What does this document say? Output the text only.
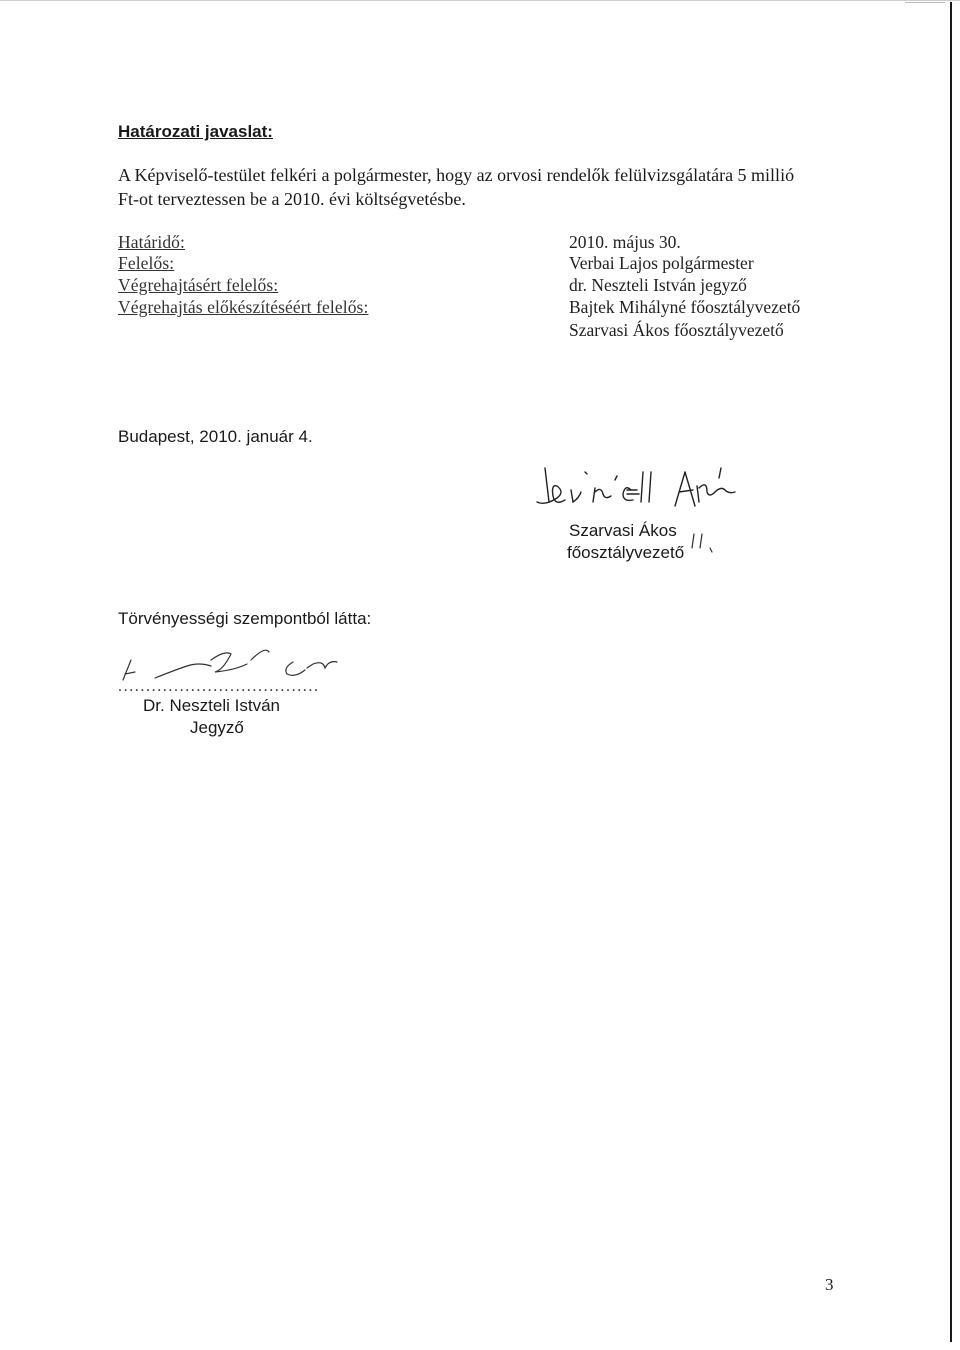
Határozati javaslat:
A Képviselő-testület felkéri a polgármester, hogy az orvosi rendelők felülvizsgálatára 5 millió
Ft-ot terveztessen be a 2010. évi költségvetésbe.
Határidő:
Felelős:
Végrehajtásért felelős:
Végrehajtás előkészítéséért felelős:
2010. május 30.
Verbai Lajos polgármester
dr. Neszteli István jegyző
Bajtek Mihályné főosztályvezető
Szarvasi Ákos főosztályvezető
Budapest, 2010. január 4.
Szarvasi Ákos
főosztályvezető
Törvényességi szempontból látta:
....................................
Dr. Neszteli István
Jegyző
3
